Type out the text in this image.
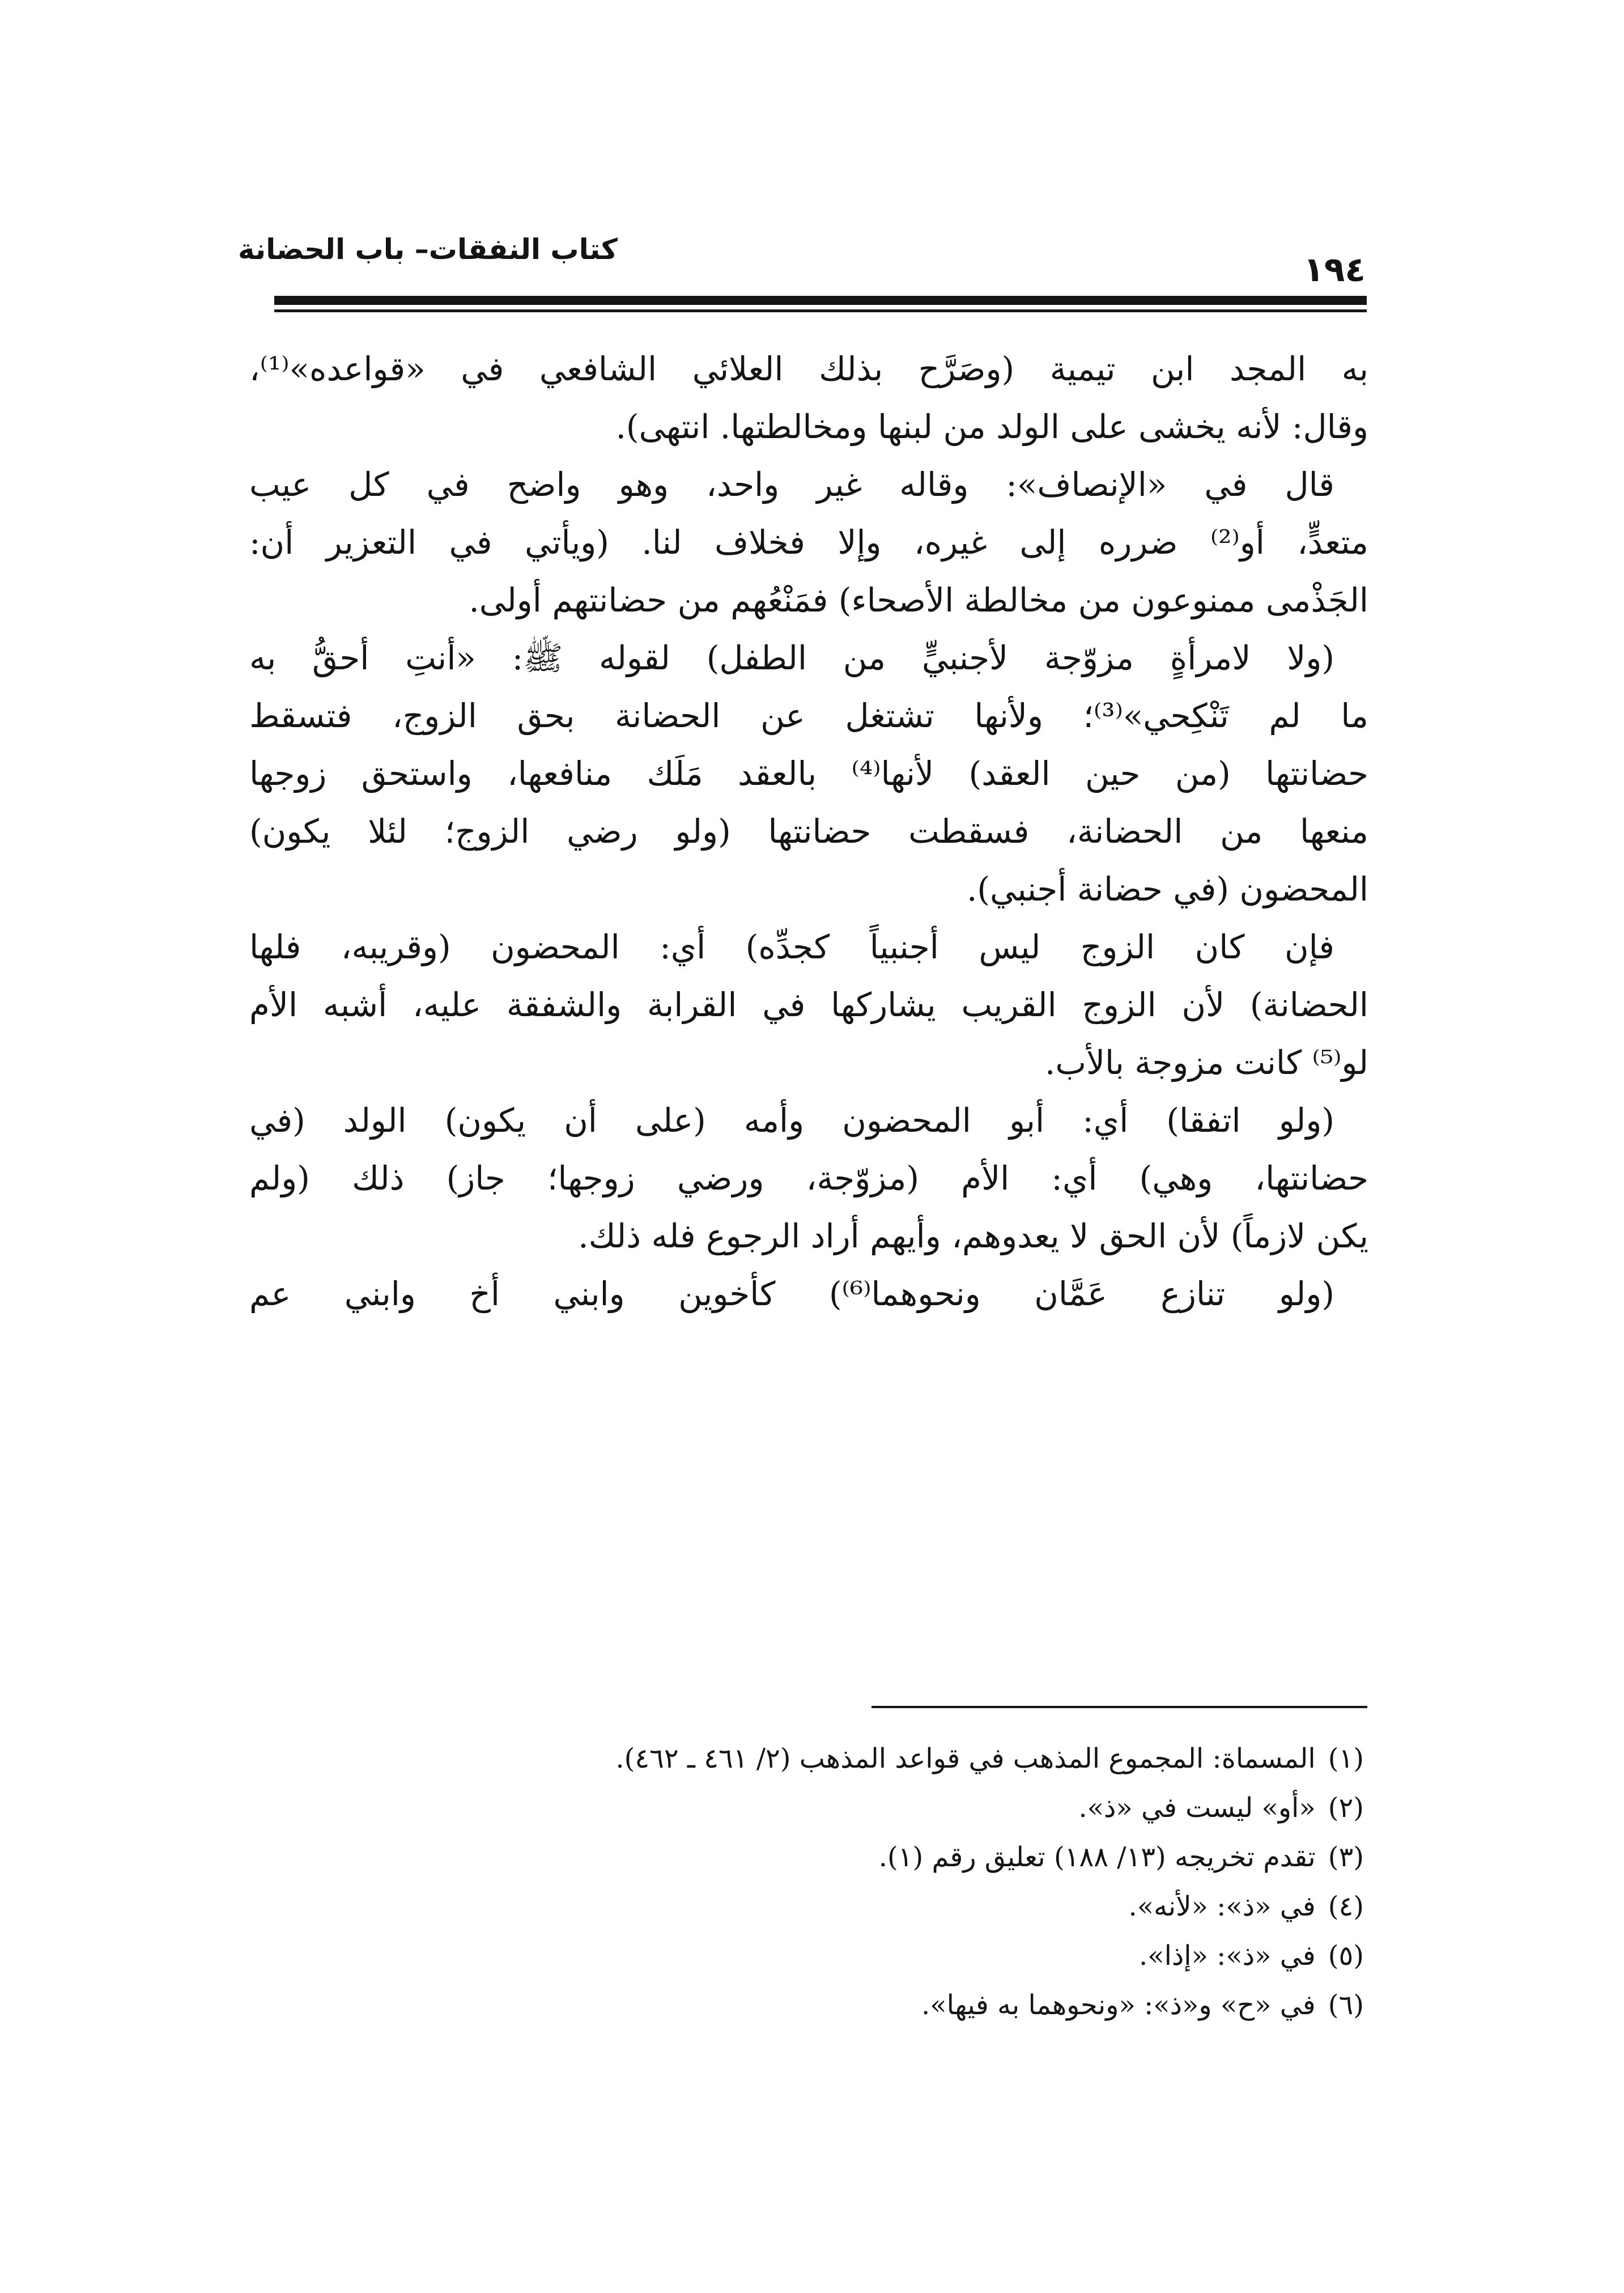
كتاب النفقات– باب الحضانة
١٩٤
به المجد ابن تيمية (وصَرَّح بذلك العلائي الشافعي في «قواعده»⁽¹⁾،
وقال: لأنه يخشى على الولد من لبنها ومخالطتها. انتهى).
قال في «الإنصاف»: وقاله غير واحد، وهو واضح في كل عيب
متعدٍّ، أو⁽²⁾ ضرره إلى غيره، وإلا فخلاف لنا. (ويأتي في التعزير أن:
الجَذْمى ممنوعون من مخالطة الأصحاء) فمَنْعُهم من حضانتهم أولى.
(ولا لامرأةٍ مزوّجة لأجنبيٍّ من الطفل) لقوله ﷺ: «أنتِ أحقُّ به
ما لم تَنْكِحي»⁽³⁾؛ ولأنها تشتغل عن الحضانة بحق الزوج، فتسقط
حضانتها (من حين العقد) لأنها⁽⁴⁾ بالعقد مَلَك منافعها، واستحق زوجها
منعها من الحضانة، فسقطت حضانتها (ولو رضي الزوج؛ لئلا يكون)
المحضون (في حضانة أجنبي).
فإن كان الزوج ليس أجنبياً كجدِّه) أي: المحضون (وقريبه، فلها
الحضانة) لأن الزوج القريب يشاركها في القرابة والشفقة عليه، أشبه الأم
لو⁽⁵⁾ كانت مزوجة بالأب.
(ولو اتفقا) أي: أبو المحضون وأمه (على أن يكون) الولد (في
حضانتها، وهي) أي: الأم (مزوّجة، ورضي زوجها؛ جاز) ذلك (ولم
يكن لازماً) لأن الحق لا يعدوهم، وأيهم أراد الرجوع فله ذلك.
(ولو تنازع عَمَّان ونحوهما⁽⁶⁾) كأخوين وابني أخ وابني عم
(١)المسماة: المجموع المذهب في قواعد المذهب (٢/ ٤٦١ ـ ٤٦٢).
(٢)«أو» ليست في «ذ».
(٣)تقدم تخريجه (١٣/ ١٨٨) تعليق رقم (١).
(٤)في «ذ»: «لأنه».
(٥)في «ذ»: «إذا».
(٦)في «ح» و«ذ»: «ونحوهما به فيها».
